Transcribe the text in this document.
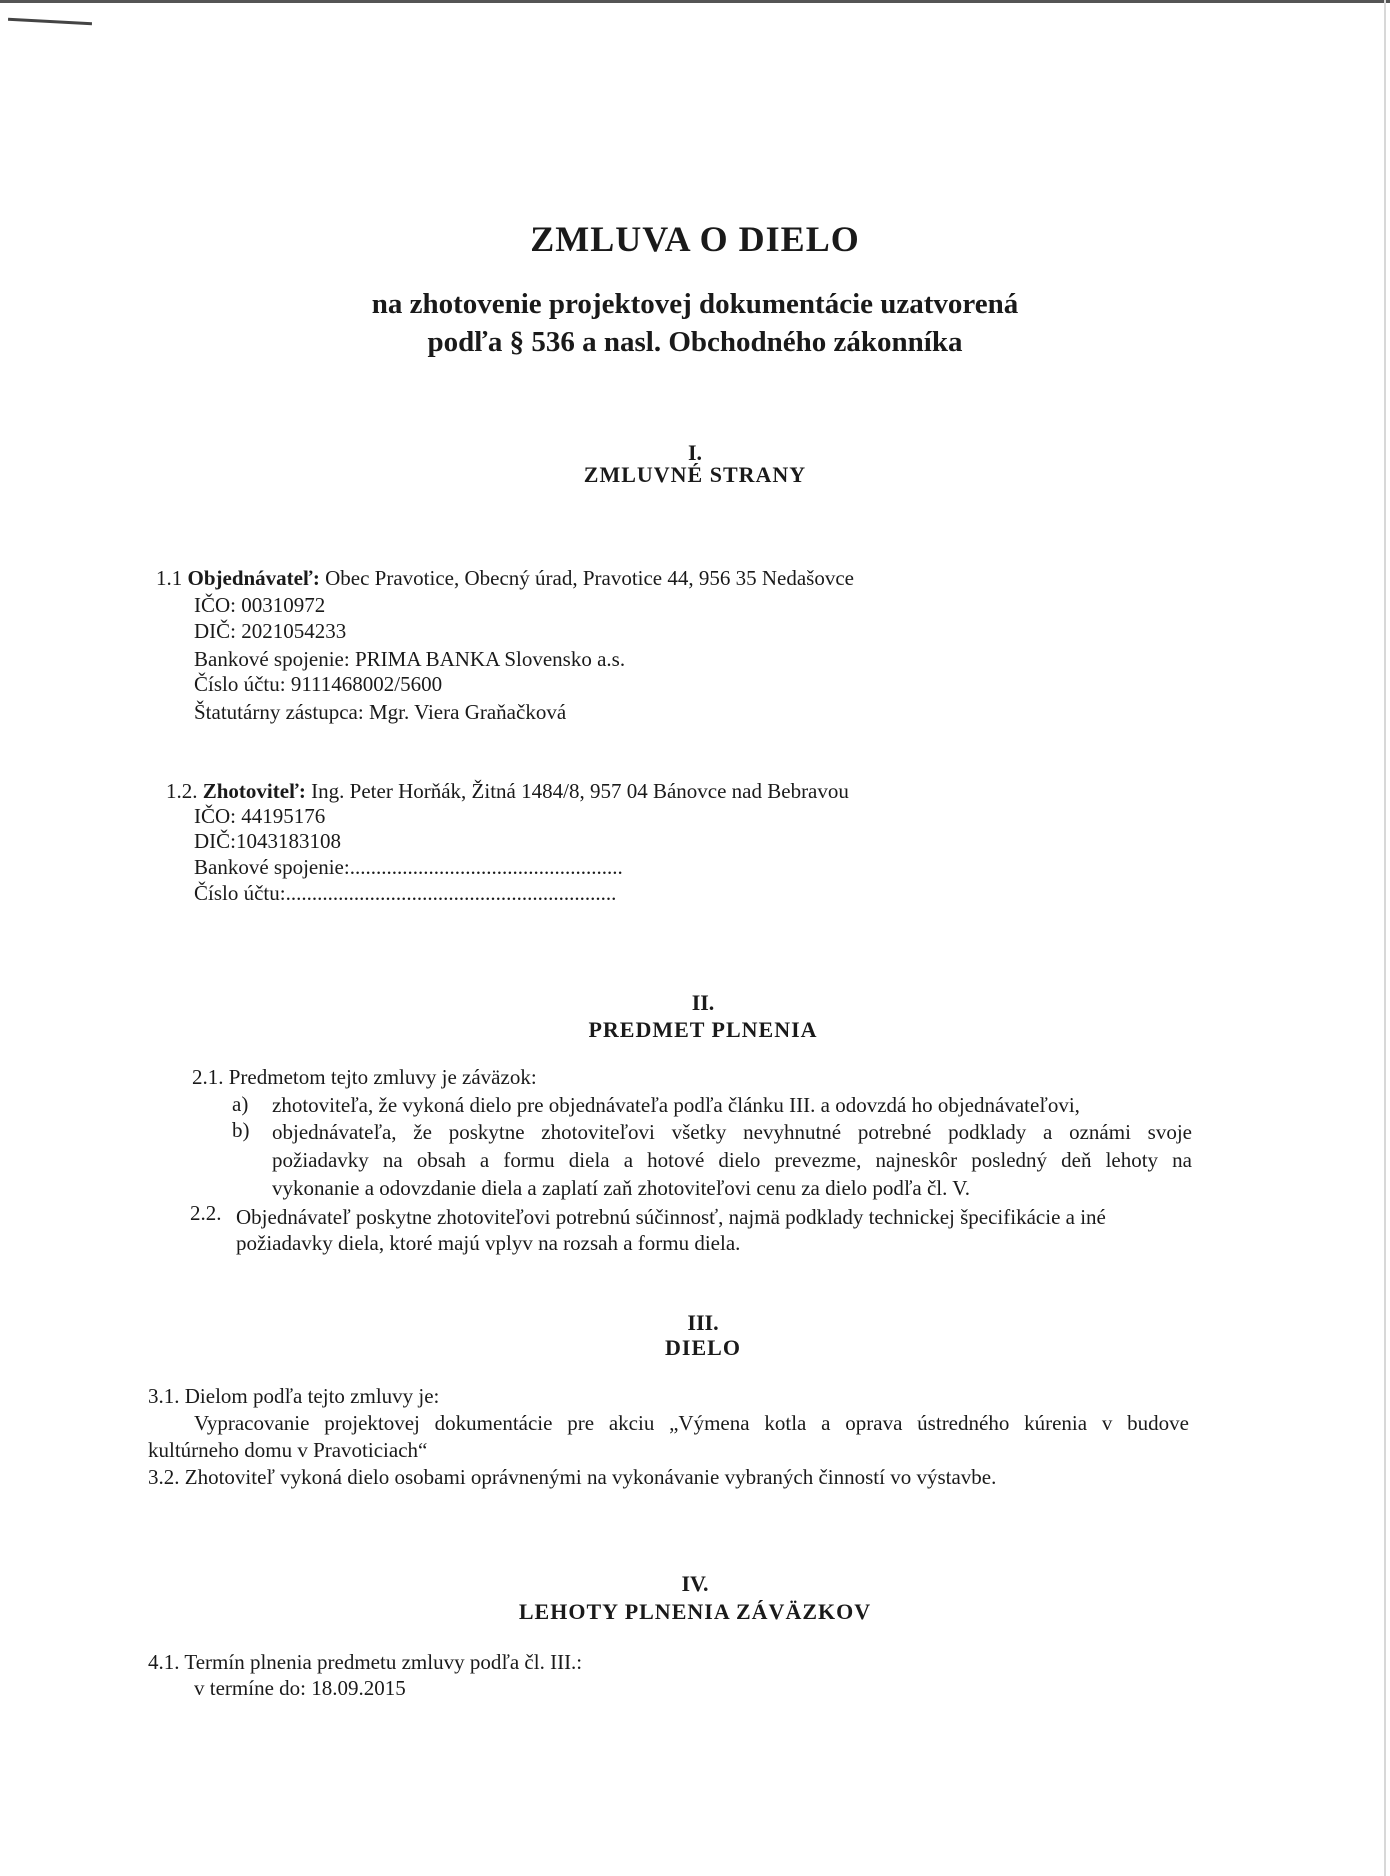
ZMLUVA O DIELO
na zhotovenie projektovej dokumentácie uzatvorená
podľa § 536 a nasl. Obchodného zákonníka
I.
ZMLUVNÉ STRANY
1.1 Objednávateľ: Obec Pravotice, Obecný úrad, Pravotice 44, 956 35 Nedašovce
IČO: 00310972
DIČ: 2021054233
Bankové spojenie: PRIMA BANKA Slovensko a.s.
Číslo účtu: 9111468002/5600
Štatutárny zástupca: Mgr. Viera Graňačková
1.2. Zhotoviteľ: Ing. Peter Horňák, Žitná 1484/8, 957 04 Bánovce nad Bebravou
IČO: 44195176
DIČ:1043183108
Bankové spojenie:....................................................
Číslo účtu:...............................................................
II.
PREDMET PLNENIA
2.1. Predmetom tejto zmluvy je záväzok:
a) zhotoviteľa, že vykoná dielo pre objednávateľa podľa článku III. a odovzdá ho objednávateľovi,
b) objednávateľa, že poskytne zhotoviteľovi všetky nevyhnutné potrebné podklady a oznámi svoje
požiadavky na obsah a formu diela a hotové dielo prevezme, najneskôr posledný deň lehoty na
vykonanie a odovzdanie diela a zaplatí zaň zhotoviteľovi cenu za dielo podľa čl. V.
2.2. Objednávateľ poskytne zhotoviteľovi potrebnú súčinnosť, najmä podklady technickej špecifikácie a iné
požiadavky diela, ktoré majú vplyv na rozsah a formu diela.
III.
DIELO
3.1. Dielom podľa tejto zmluvy je:
Vypracovanie projektovej dokumentácie pre akciu „Výmena kotla a oprava ústredného kúrenia v budove
kultúrneho domu v Pravoticiach“
3.2. Zhotoviteľ vykoná dielo osobami oprávnenými na vykonávanie vybraných činností vo výstavbe.
IV.
LEHOTY PLNENIA ZÁVÄZKOV
4.1. Termín plnenia predmetu zmluvy podľa čl. III.:
v termíne do: 18.09.2015
